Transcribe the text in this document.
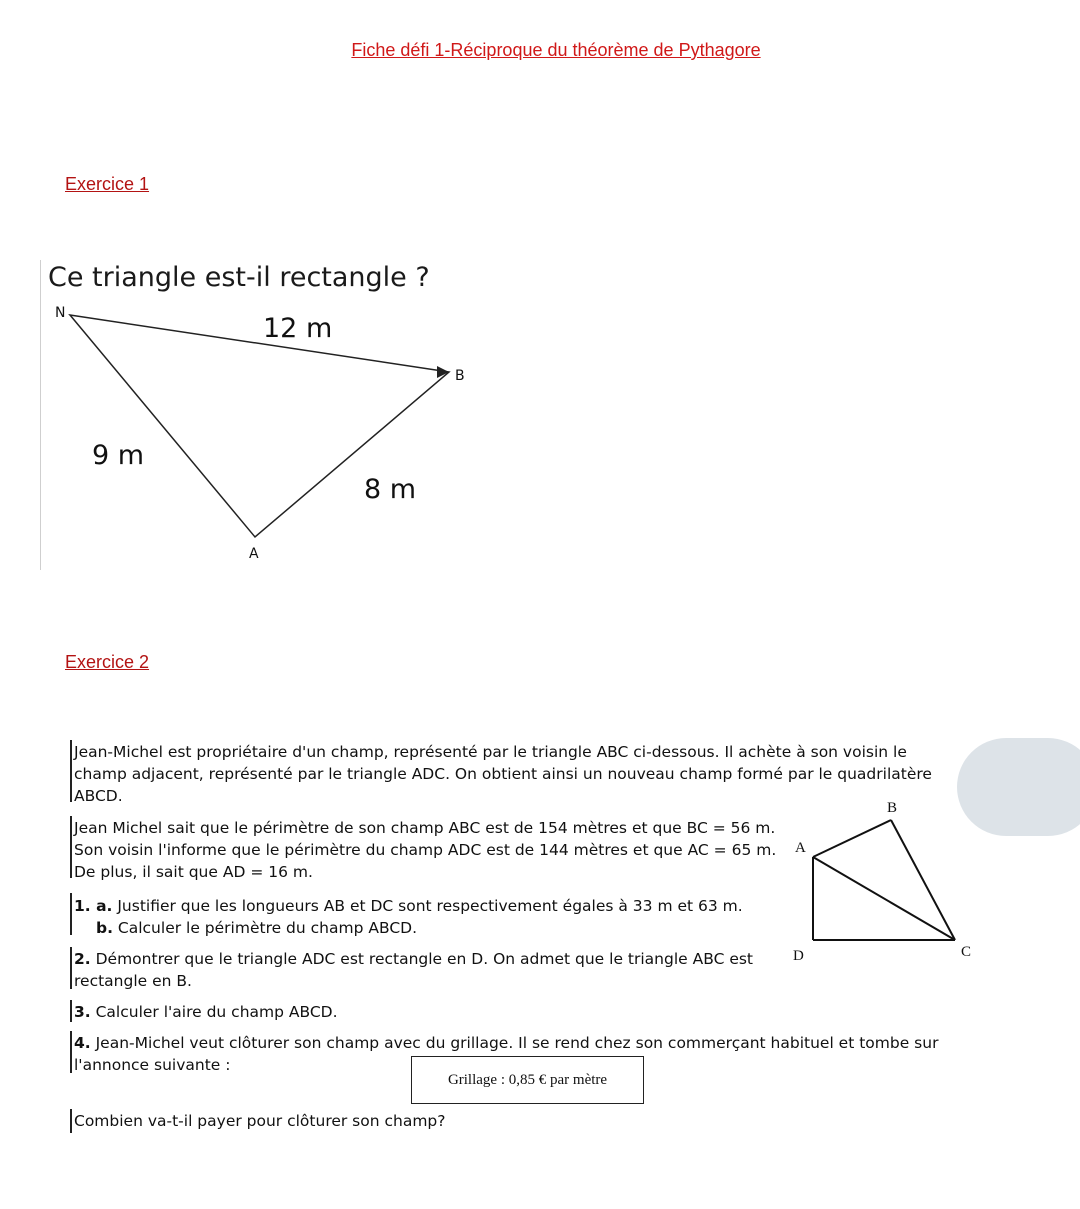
Fiche défi 1-Réciproque du théorème de Pythagore
Exercice 1
Ce triangle est-il rectangle ?
N
B
A
12 m
9 m
8 m
Exercice 2
Jean-Michel est propriétaire d'un champ, représenté par le triangle ABC ci-dessous. Il achète à son voisin le
champ adjacent, représenté par le triangle ADC. On obtient ainsi un nouveau champ formé par le quadrilatère
ABCD.
Jean Michel sait que le périmètre de son champ ABC est de 154 mètres et que BC = 56 m.
Son voisin l'informe que le périmètre du champ ADC est de 144 mètres et que AC = 65 m.
De plus, il sait que AD = 16 m.
1. a. Justifier que les longueurs AB et DC sont respectivement égales à 33 m et 63 m.
b. Calculer le périmètre du champ ABCD.
2. Démontrer que le triangle ADC est rectangle en D. On admet que le triangle ABC est
rectangle en B.
3. Calculer l'aire du champ ABCD.
4. Jean-Michel veut clôturer son champ avec du grillage. Il se rend chez son commerçant habituel et tombe sur
l'annonce suivante :
Grillage : 0,85 € par mètre
Combien va-t-il payer pour clôturer son champ?
B
A
D	C
